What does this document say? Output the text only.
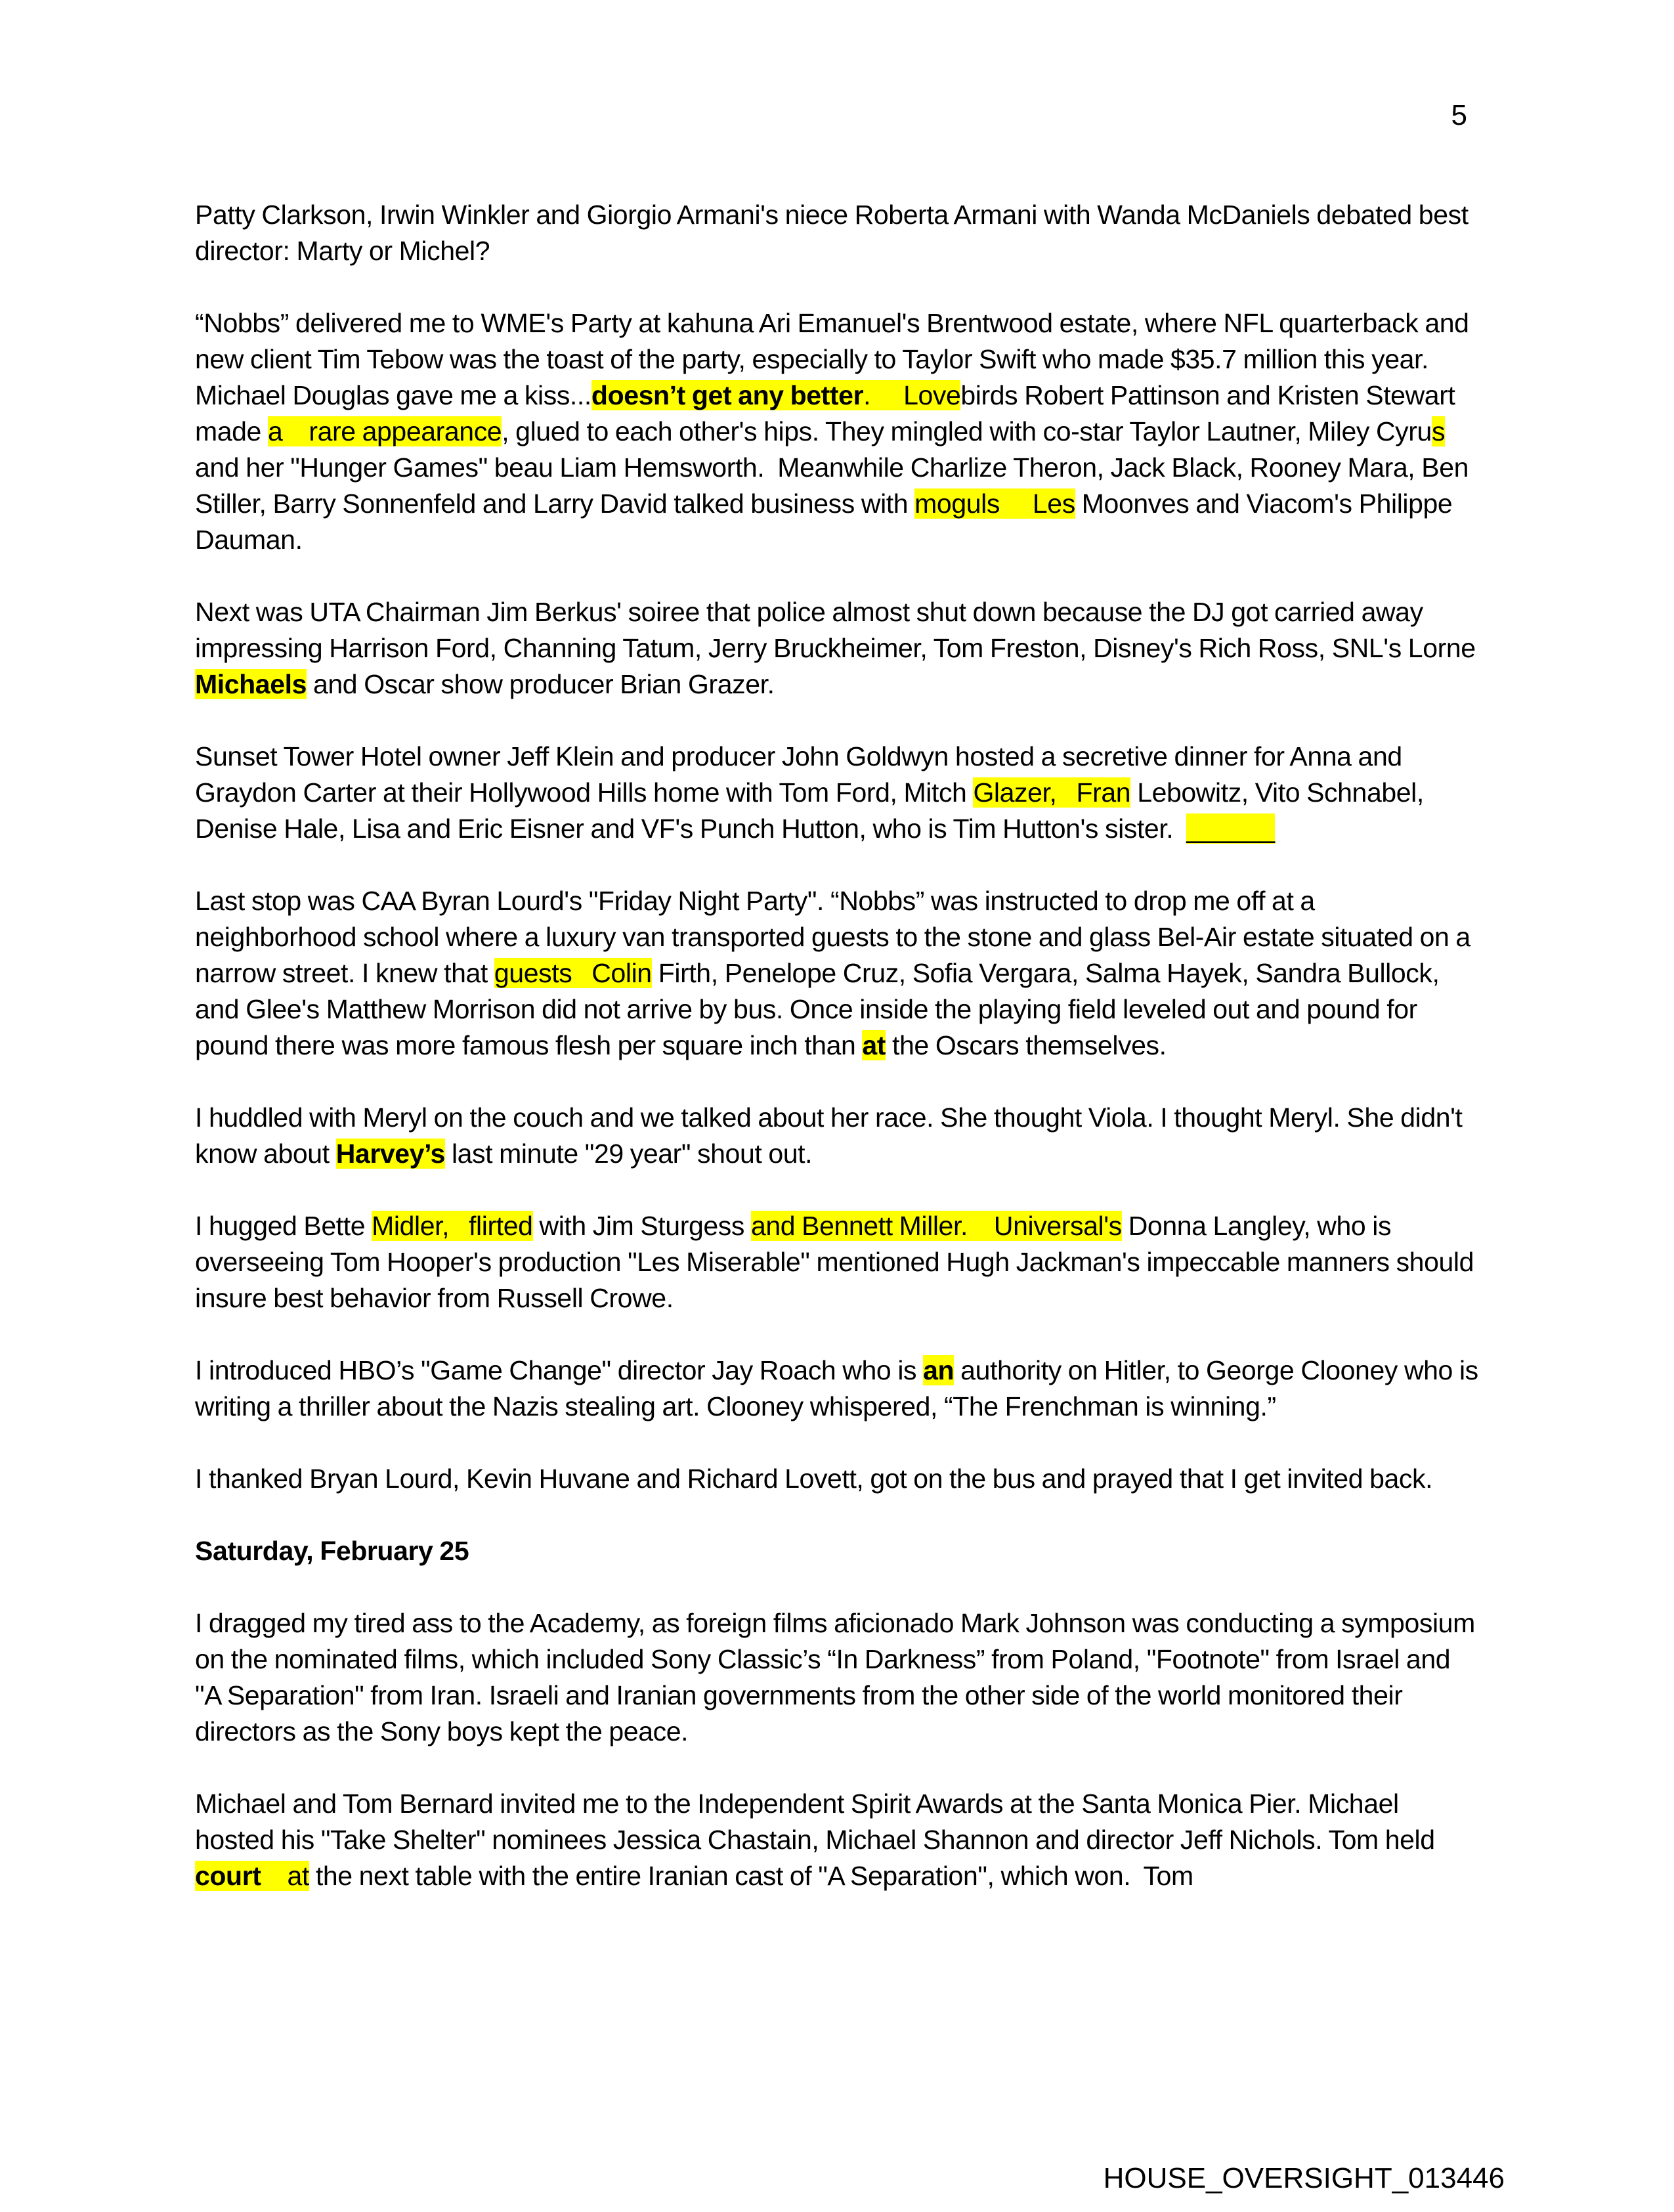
5

Patty Clarkson, Irwin Winkler and Giorgio Armani's niece Roberta Armani with Wanda McDaniels debated best director: Marty or Michel?

“Nobbs” delivered me to WME's Party at kahuna Ari Emanuel's Brentwood estate, where NFL quarterback and new client Tim Tebow was the toast of the party, especially to Taylor Swift who made $35.7 million this year. Michael Douglas gave me a kiss...doesn’t get any better.     Lovebirds Robert Pattinson and Kristen Stewart made a    rare appearance, glued to each other's hips. They mingled with co-star Taylor Lautner, Miley Cyrus and her "Hunger Games" beau Liam Hemsworth.  Meanwhile Charlize Theron, Jack Black, Rooney Mara, Ben Stiller, Barry Sonnenfeld and Larry David talked business with moguls     Les Moonves and Viacom's Philippe Dauman.

Next was UTA Chairman Jim Berkus' soiree that police almost shut down because the DJ got carried away impressing Harrison Ford, Channing Tatum, Jerry Bruckheimer, Tom Freston, Disney's Rich Ross, SNL's Lorne Michaels and Oscar show producer Brian Grazer.

Sunset Tower Hotel owner Jeff Klein and producer John Goldwyn hosted a secretive dinner for Anna and Graydon Carter at their Hollywood Hills home with Tom Ford, Mitch Glazer,   Fran Lebowitz, Vito Schnabel, Denise Hale, Lisa and Eric Eisner and VF's Punch Hutton, who is Tim Hutton's sister.  ______

Last stop was CAA Byran Lourd's "Friday Night Party". “Nobbs” was instructed to drop me off at a neighborhood school where a luxury van transported guests to the stone and glass Bel-Air estate situated on a narrow street. I knew that guests   Colin Firth, Penelope Cruz, Sofia Vergara, Salma Hayek, Sandra Bullock, and Glee's Matthew Morrison did not arrive by bus. Once inside the playing field leveled out and pound for pound there was more famous flesh per square inch than at the Oscars themselves.

I huddled with Meryl on the couch and we talked about her race. She thought Viola. I thought Meryl. She didn't know about Harvey’s last minute "29 year" shout out.

I hugged Bette Midler,   flirted with Jim Sturgess and Bennett Miller.    Universal's Donna Langley, who is overseeing Tom Hooper's production "Les Miserable" mentioned Hugh Jackman's impeccable manners should insure best behavior from Russell Crowe.

I introduced HBO’s "Game Change" director Jay Roach who is an authority on Hitler, to George Clooney who is writing a thriller about the Nazis stealing art. Clooney whispered, “The Frenchman is winning.”

I thanked Bryan Lourd, Kevin Huvane and Richard Lovett, got on the bus and prayed that I get invited back.

Saturday, February 25

I dragged my tired ass to the Academy, as foreign films aficionado Mark Johnson was conducting a symposium on the nominated films, which included Sony Classic’s “In Darkness” from Poland, "Footnote" from Israel and "A Separation" from Iran. Israeli and Iranian governments from the other side of the world monitored their directors as the Sony boys kept the peace.

Michael and Tom Bernard invited me to the Independent Spirit Awards at the Santa Monica Pier. Michael hosted his "Take Shelter" nominees Jessica Chastain, Michael Shannon and director Jeff Nichols. Tom held court    at the next table with the entire Iranian cast of "A Separation", which won.  Tom

HOUSE_OVERSIGHT_013446
